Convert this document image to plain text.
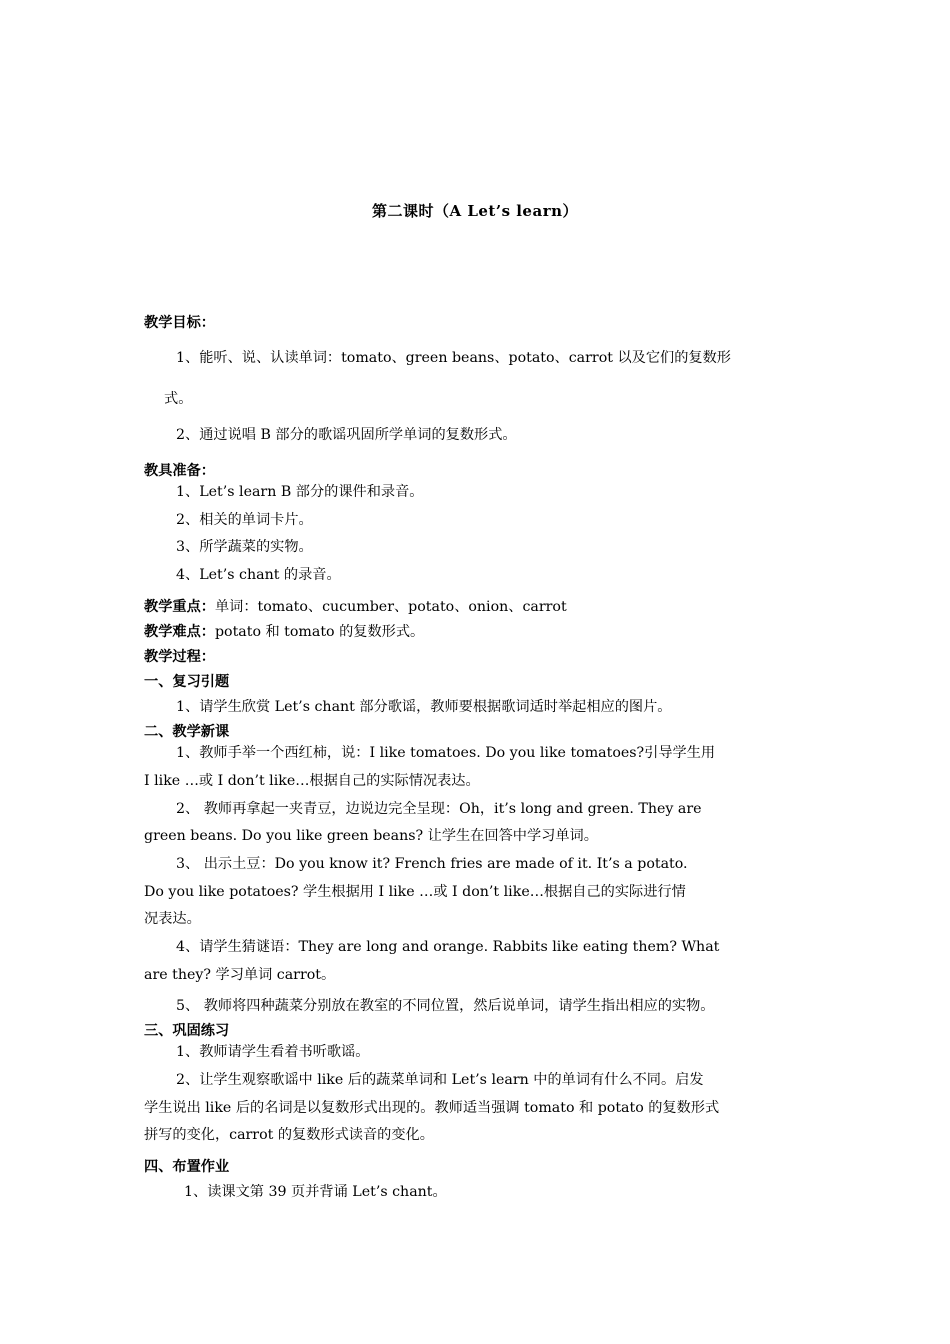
第二课时（A Let’s learn）
教学目标：
1、能听、说、认读单词：tomato、green beans、potato、carrot 以及它们的复数形
式。
2、通过说唱 B 部分的歌谣巩固所学单词的复数形式。
教具准备：
1、Let’s learn B 部分的课件和录音。
2、相关的单词卡片。
3、所学蔬菜的实物。
4、Let’s chant 的录音。
教学重点：单词：tomato、cucumber、potato、onion、carrot
教学难点：potato 和 tomato 的复数形式。
教学过程：
一、复习引题
1、请学生欣赏 Let’s chant 部分歌谣，教师要根据歌词适时举起相应的图片。
二、教学新课
1、教师手举一个西红柿，说：I like tomatoes. Do you like tomatoes?引导学生用
I like …或 I don’t like…根据自己的实际情况表达。
2、 教师再拿起一夹青豆，边说边完全呈现：Oh，it’s long and green. They are
green beans. Do you like green beans? 让学生在回答中学习单词。
3、 出示土豆：Do you know it? French fries are made of it. It’s a potato.
Do you like potatoes? 学生根据用 I like …或 I don’t like…根据自己的实际进行情
况表达。
4、请学生猜谜语：They are long and orange. Rabbits like eating them? What
are they? 学习单词 carrot。
5、 教师将四种蔬菜分别放在教室的不同位置，然后说单词，请学生指出相应的实物。
三、巩固练习
1、教师请学生看着书听歌谣。
2、让学生观察歌谣中 like 后的蔬菜单词和 Let’s learn 中的单词有什么不同。启发
学生说出 like 后的名词是以复数形式出现的。教师适当强调 tomato 和 potato 的复数形式
拼写的变化，carrot 的复数形式读音的变化。
四、布置作业
1、读课文第 39 页并背诵 Let’s chant。
